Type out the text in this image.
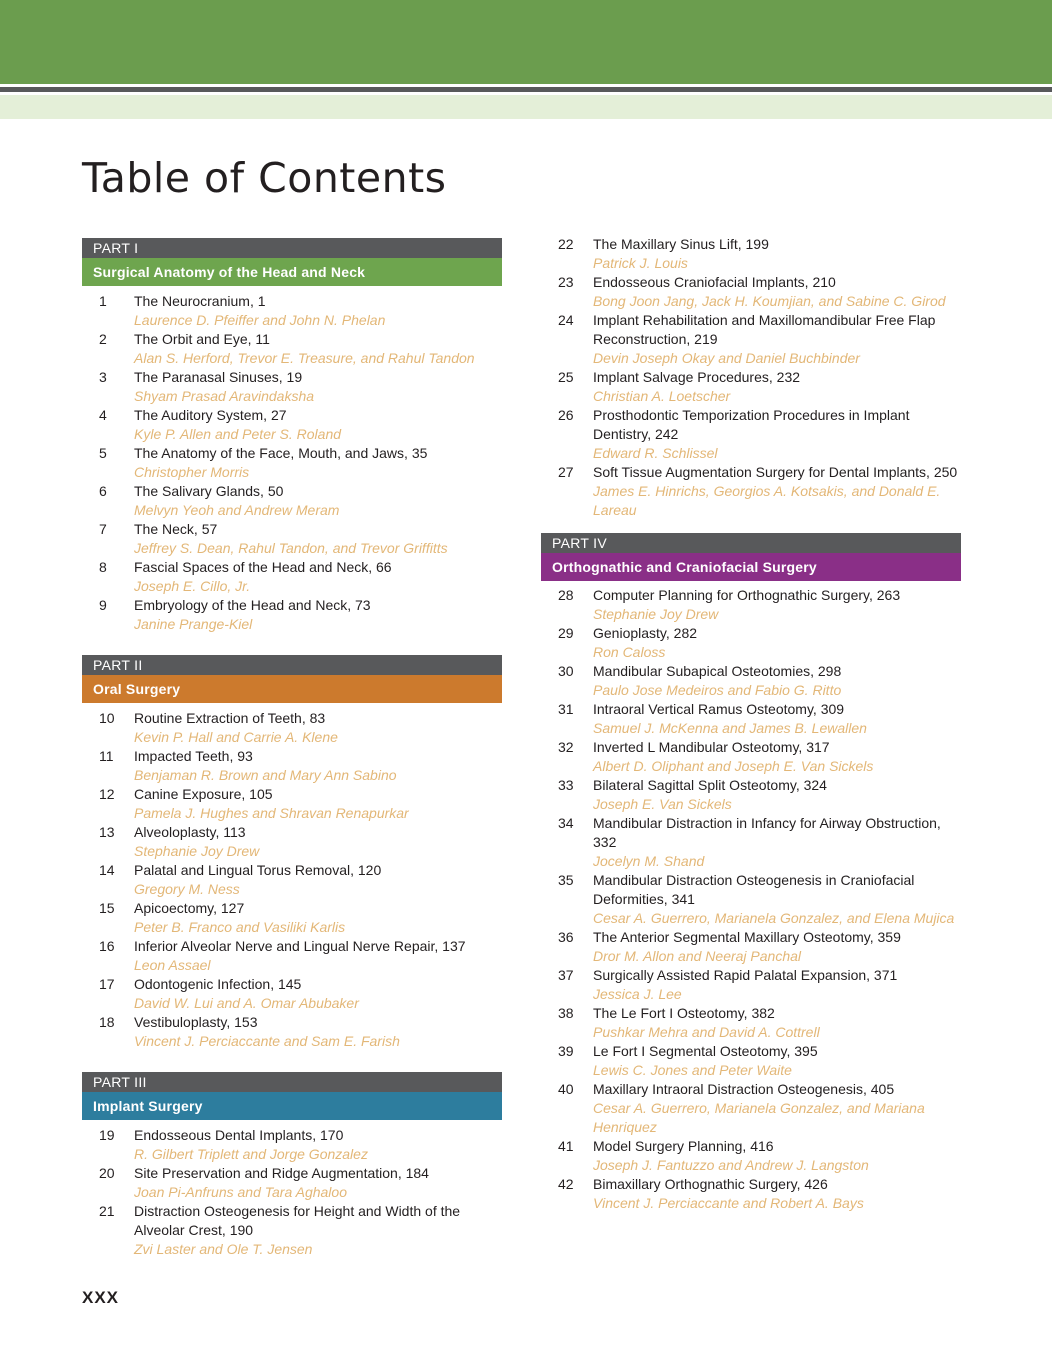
Table of Contents
PART I
Surgical Anatomy of the Head and Neck
1	The Neurocranium, 1
Laurence D. Pfeiffer and John N. Phelan
2	The Orbit and Eye, 11
Alan S. Herford, Trevor E. Treasure, and Rahul Tandon
3	The Paranasal Sinuses, 19
Shyam Prasad Aravindaksha
4	The Auditory System, 27
Kyle P. Allen and Peter S. Roland
5	The Anatomy of the Face, Mouth, and Jaws, 35
Christopher Morris
6	The Salivary Glands, 50
Melvyn Yeoh and Andrew Meram
7	The Neck, 57
Jeffrey S. Dean, Rahul Tandon, and Trevor Griffitts
8	Fascial Spaces of the Head and Neck, 66
Joseph E. Cillo, Jr.
9	Embryology of the Head and Neck, 73
Janine Prange-Kiel
PART II
Oral Surgery
10	Routine Extraction of Teeth, 83
Kevin P. Hall and Carrie A. Klene
11	Impacted Teeth, 93
Benjaman R. Brown and Mary Ann Sabino
12	Canine Exposure, 105
Pamela J. Hughes and Shravan Renapurkar
13	Alveoloplasty, 113
Stephanie Joy Drew
14	Palatal and Lingual Torus Removal, 120
Gregory M. Ness
15	Apicoectomy, 127
Peter B. Franco and Vasiliki Karlis
16	Inferior Alveolar Nerve and Lingual Nerve Repair, 137
Leon Assael
17	Odontogenic Infection, 145
David W. Lui and A. Omar Abubaker
18	Vestibuloplasty, 153
Vincent J. Perciaccante and Sam E. Farish
PART III
Implant Surgery
19	Endosseous Dental Implants, 170
R. Gilbert Triplett and Jorge Gonzalez
20	Site Preservation and Ridge Augmentation, 184
Joan Pi-Anfruns and Tara Aghaloo
21	Distraction Osteogenesis for Height and Width of the Alveolar Crest, 190
Zvi Laster and Ole T. Jensen
22	The Maxillary Sinus Lift, 199
Patrick J. Louis
23	Endosseous Craniofacial Implants, 210
Bong Joon Jang, Jack H. Koumjian, and Sabine C. Girod
24	Implant Rehabilitation and Maxillomandibular Free Flap Reconstruction, 219
Devin Joseph Okay and Daniel Buchbinder
25	Implant Salvage Procedures, 232
Christian A. Loetscher
26	Prosthodontic Temporization Procedures in Implant Dentistry, 242
Edward R. Schlissel
27	Soft Tissue Augmentation Surgery for Dental Implants, 250
James E. Hinrichs, Georgios A. Kotsakis, and Donald E. Lareau
PART IV
Orthognathic and Craniofacial Surgery
28	Computer Planning for Orthognathic Surgery, 263
Stephanie Joy Drew
29	Genioplasty, 282
Ron Caloss
30	Mandibular Subapical Osteotomies, 298
Paulo Jose Medeiros and Fabio G. Ritto
31	Intraoral Vertical Ramus Osteotomy, 309
Samuel J. McKenna and James B. Lewallen
32	Inverted L Mandibular Osteotomy, 317
Albert D. Oliphant and Joseph E. Van Sickels
33	Bilateral Sagittal Split Osteotomy, 324
Joseph E. Van Sickels
34	Mandibular Distraction in Infancy for Airway Obstruction, 332
Jocelyn M. Shand
35	Mandibular Distraction Osteogenesis in Craniofacial Deformities, 341
Cesar A. Guerrero, Marianela Gonzalez, and Elena Mujica
36	The Anterior Segmental Maxillary Osteotomy, 359
Dror M. Allon and Neeraj Panchal
37	Surgically Assisted Rapid Palatal Expansion, 371
Jessica J. Lee
38	The Le Fort I Osteotomy, 382
Pushkar Mehra and David A. Cottrell
39	Le Fort I Segmental Osteotomy, 395
Lewis C. Jones and Peter Waite
40	Maxillary Intraoral Distraction Osteogenesis, 405
Cesar A. Guerrero, Marianela Gonzalez, and Mariana Henriquez
41	Model Surgery Planning, 416
Joseph J. Fantuzzo and Andrew J. Langston
42	Bimaxillary Orthognathic Surgery, 426
Vincent J. Perciaccante and Robert A. Bays
XXX
